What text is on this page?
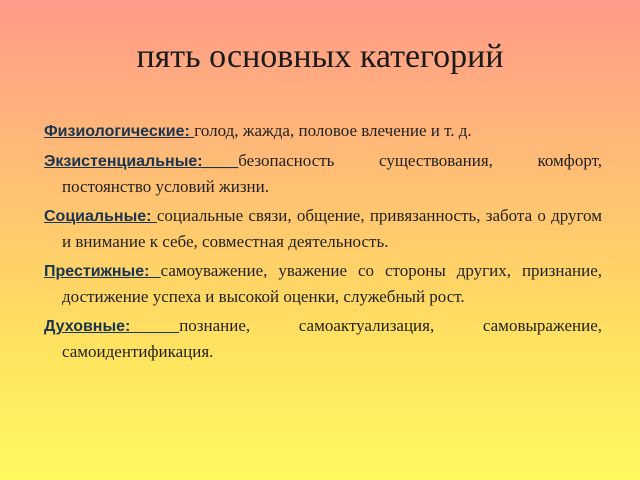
пять основных категорий
Физиологические: голод, жажда, половое влечение и т. д.
Экзистенциальные:____безопасность существования, комфорт, постоянство условий жизни.
Социальные: социальные связи, общение, привязанность, забота о другом и внимание к себе, совместная деятельность.
Престижные: самоуважение, уважение со стороны других, признание, достижение успеха и высокой оценки, служебный рост.
Духовные: познание, самоактуализация, самовыражение, самоидентификация.
